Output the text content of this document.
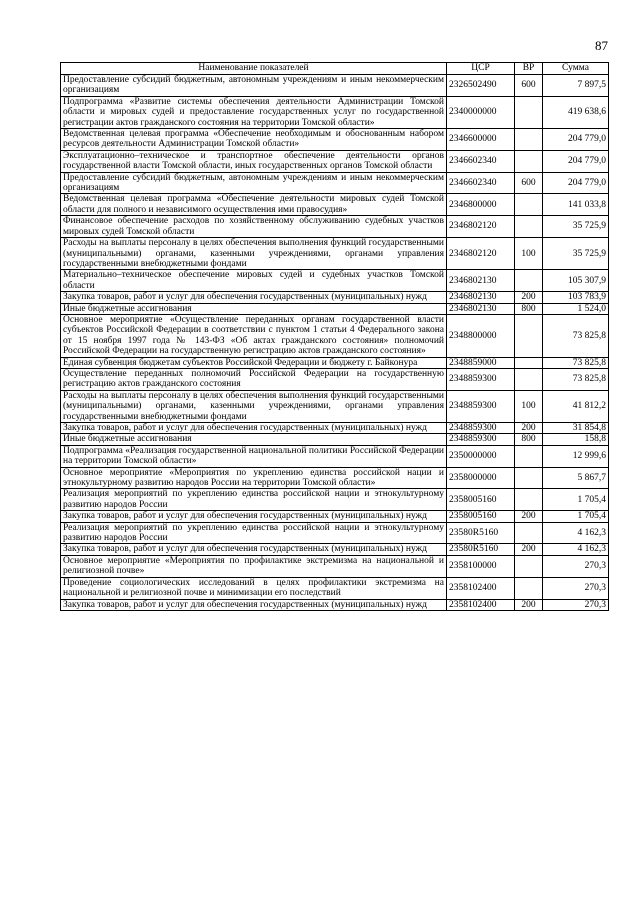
87
Наименование показателей	ЦСР	ВР	Сумма
Предоставление субсидий бюджетным, автономным учреждениям и иным некоммерческим организациям	2326502490	600	7 897,5
Подпрограмма «Развитие системы обеспечения деятельности Администрации Томской области и мировых судей и предоставление государственных услуг по государственной регистрации актов гражданского состояния на территории Томской области»	2340000000		419 638,6
Ведомственная целевая программа «Обеспечение необходимым и обоснованным набором ресурсов деятельности Администрации Томской области»	2346600000		204 779,0
Эксплуатационно–техническое и транспортное обеспечение деятельности органов государственной власти Томской области, иных государственных органов Томской области	2346602340		204 779,0
Предоставление субсидий бюджетным, автономным учреждениям и иным некоммерческим организациям	2346602340	600	204 779,0
Ведомственная целевая программа «Обеспечение деятельности мировых судей Томской области для полного и независимого осуществления ими правосудия»	2346800000		141 033,8
Финансовое обеспечение расходов по хозяйственному обслуживанию судебных участков мировых судей Томской области	2346802120		35 725,9
Расходы на выплаты персоналу в целях обеспечения выполнения функций государственными (муниципальными) органами, казенными учреждениями, органами управления государственными внебюджетными фондами	2346802120	100	35 725,9
Материально–техническое обеспечение мировых судей и судебных участков Томской области	2346802130		105 307,9
Закупка товаров, работ и услуг для обеспечения государственных (муниципальных) нужд	2346802130	200	103 783,9
Иные бюджетные ассигнования	2346802130	800	1 524,0
Основное мероприятие «Осуществление переданных органам государственной власти субъектов Российской Федерации в соответствии с пунктом 1 статьи 4 Федерального закона от 15 ноября 1997 года № 143-ФЗ «Об актах гражданского состояния» полномочий Российской Федерации на государственную регистрацию актов гражданского состояния»	2348800000		73 825,8
Единая субвенция бюджетам субъектов Российской Федерации и бюджету г. Байконура	2348859000		73 825,8
Осуществление переданных полномочий Российской Федерации на государственную регистрацию актов гражданского состояния	2348859300		73 825,8
Расходы на выплаты персоналу в целях обеспечения выполнения функций государственными (муниципальными) органами, казенными учреждениями, органами управления государственными внебюджетными фондами	2348859300	100	41 812,2
Закупка товаров, работ и услуг для обеспечения государственных (муниципальных) нужд	2348859300	200	31 854,8
Иные бюджетные ассигнования	2348859300	800	158,8
Подпрограмма «Реализация государственной национальной политики Российской Федерации на территории Томской области»	2350000000		12 999,6
Основное мероприятие «Мероприятия по укреплению единства российской нации и этнокультурному развитию народов России на территории Томской области»	2358000000		5 867,7
Реализация мероприятий по укреплению единства российской нации и этнокультурному развитию народов России	2358005160		1 705,4
Закупка товаров, работ и услуг для обеспечения государственных (муниципальных) нужд	2358005160	200	1 705,4
Реализация мероприятий по укреплению единства российской нации и этнокультурному развитию народов России	23580R5160		4 162,3
Закупка товаров, работ и услуг для обеспечения государственных (муниципальных) нужд	23580R5160	200	4 162,3
Основное мероприятие «Мероприятия по профилактике экстремизма на национальной и религиозной почве»	2358100000		270,3
Проведение социологических исследований в целях профилактики экстремизма на национальной и религиозной почве и минимизации его последствий	2358102400		270,3
Закупка товаров, работ и услуг для обеспечения государственных (муниципальных) нужд	2358102400	200	270,3
